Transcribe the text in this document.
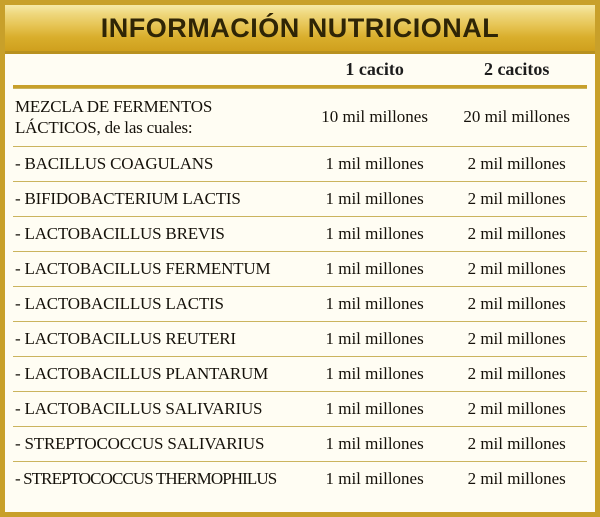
INFORMACIÓN NUTRICIONAL
	1 cacito	2 cacitos

MEZCLA DE FERMENTOS
LÁCTICOS, de las cuales:	10 mil millones	20 mil millones
- BACILLUS COAGULANS	1 mil millones	2 mil millones
- BIFIDOBACTERIUM LACTIS	1 mil millones	2 mil millones
- LACTOBACILLUS BREVIS	1 mil millones	2 mil millones
- LACTOBACILLUS FERMENTUM	1 mil millones	2 mil millones
- LACTOBACILLUS LACTIS	1 mil millones	2 mil millones
- LACTOBACILLUS REUTERI	1 mil millones	2 mil millones
- LACTOBACILLUS PLANTARUM	1 mil millones	2 mil millones
- LACTOBACILLUS SALIVARIUS	1 mil millones	2 mil millones
- STREPTOCOCCUS SALIVARIUS	1 mil millones	2 mil millones
- STREPTOCOCCUS THERMOPHILUS	1 mil millones	2 mil millones
